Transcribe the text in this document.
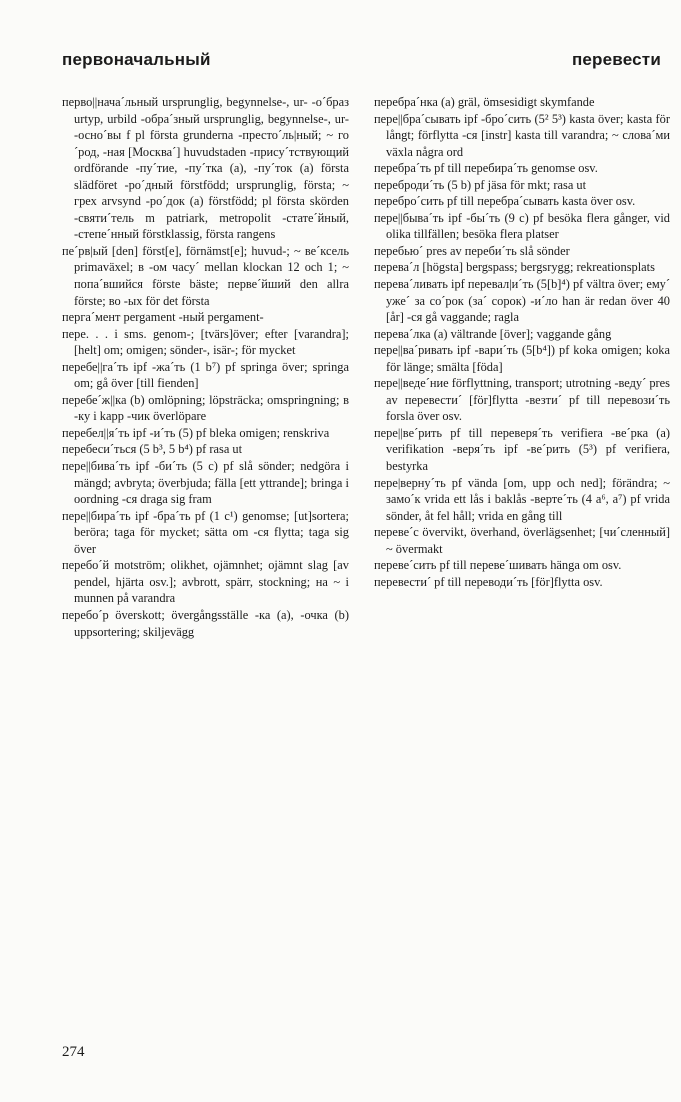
первоначальный	перевести

перво||нача´льный ursprunglig, begynnelse-, ur- -о´браз urtyp, urbild -обра´зный ursprunglig, begynnelse-, ur- -осно´вы f pl första grunderna -престо´ль|ный; ~ го´род, -ная [Москва´] huvudstaden -прису´тствующий ordförande -пу´тие, -пу´тка (a), -пу´ток (a) första slädföret -ро´дный förstfödd; ursprunglig, första; ~ грех arvsynd -ро´док (a) förstfödd; pl första skörden -святи´тель m patriark, metropolit -стате´йный, -степе´нный förstklassig, första rangens

пе´рв|ый [den] först[e], förnämst[e]; huvud-; ~ ве´ксель primaväxel; в -ом часу´ mellan klockan 12 och 1; ~ попа´вшийся förste bäste; перве´йший den allra förste; во -ых för det första

перга´мент pergament -ный pergament-

пере. . . i sms. genom-; [tvärs]över; efter [varandra]; [helt] om; omigen; sönder-, isär-; för mycket

перебе||га´ть ipf -жа´ть (1 b⁷) pf springa över; springa om; gå över [till fienden]

перебе´ж||ка (b) omlöpning; löpsträcka; omspringning; в -ку i kapp -чик överlöpare

перебел||я´ть ipf -и´ть (5) pf bleka omigen; renskriva

перебеси´ться (5 b³, 5 b⁴) pf rasa ut

пере||бива´ть ipf -би´ть (5 c) pf slå sönder; nedgöra i mängd; avbryta; överbjuda; fälla [ett yttrande]; bringa i oordning -ся draga sig fram

пере||бира´ть ipf -бра´ть pf (1 c¹) genomse; [ut]sortera; beröra; taga för mycket; sätta om -ся flytta; taga sig över

перебо´й motström; olikhet, ojämnhet; ojämnt slag [av pendel, hjärta osv.]; avbrott, spärr, stockning; на ~ i munnen på varandra

перебо´р överskott; övergångsställe -ка (a), -очка (b) uppsortering; skiljevägg

перебра´нка (a) gräl, ömsesidigt skymfande

пере||бра´сывать ipf -бро´сить (5² 5³) kasta över; kasta för långt; förflytta -ся [instr] kasta till varandra; ~ слова´ми växla några ord

перебра´ть pf till перебира´ть genomse osv.

переброди´ть (5 b) pf jäsa för mkt; rasa ut

перебро´сить pf till перебра´сывать kasta över osv.

пере||быва´ть ipf -бы´ть (9 c) pf besöka flera gånger, vid olika tillfällen; besöka flera platser

перебью´ pres av переби´ть slå sönder

перева´л [högsta] bergspass; bergsrygg; rekreationsplats

перева´ливать ipf перевал|и´ть (5[b]⁴) pf vältra över; ему´ уже´ за со´рок (за´ сорок) -и´ло han är redan över 40 [år] -ся gå vaggande; ragla

перева´лка (a) vältrande [över]; vaggande gång

пере||ва´ривать ipf -вари´ть (5[b⁴]) pf koka omigen; koka för länge; smälta [föda]

пере||веде´ние förflyttning, transport; utrotning -веду´ pres av перевести´ [för]flytta -везти´ pf till перевози´ть forsla över osv.

пере||ве´рить pf till переверя´ть verifiera -ве´рка (a) verifikation -веря´ть ipf -ве´рить (5³) pf verifiera, bestyrka

пере|верну´ть pf vända [om, upp och ned]; förändra; ~ замо´к vrida ett lås i baklås -верте´ть (4 a⁶, a⁷) pf vrida sönder, åt fel håll; vrida en gång till

переве´с övervikt, överhand, överlägsenhet; [чи´сленный] ~ övermakt

переве´сить pf till переве´шивать hänga om osv.

перевести´ pf till переводи´ть [för]flytta osv.

274
